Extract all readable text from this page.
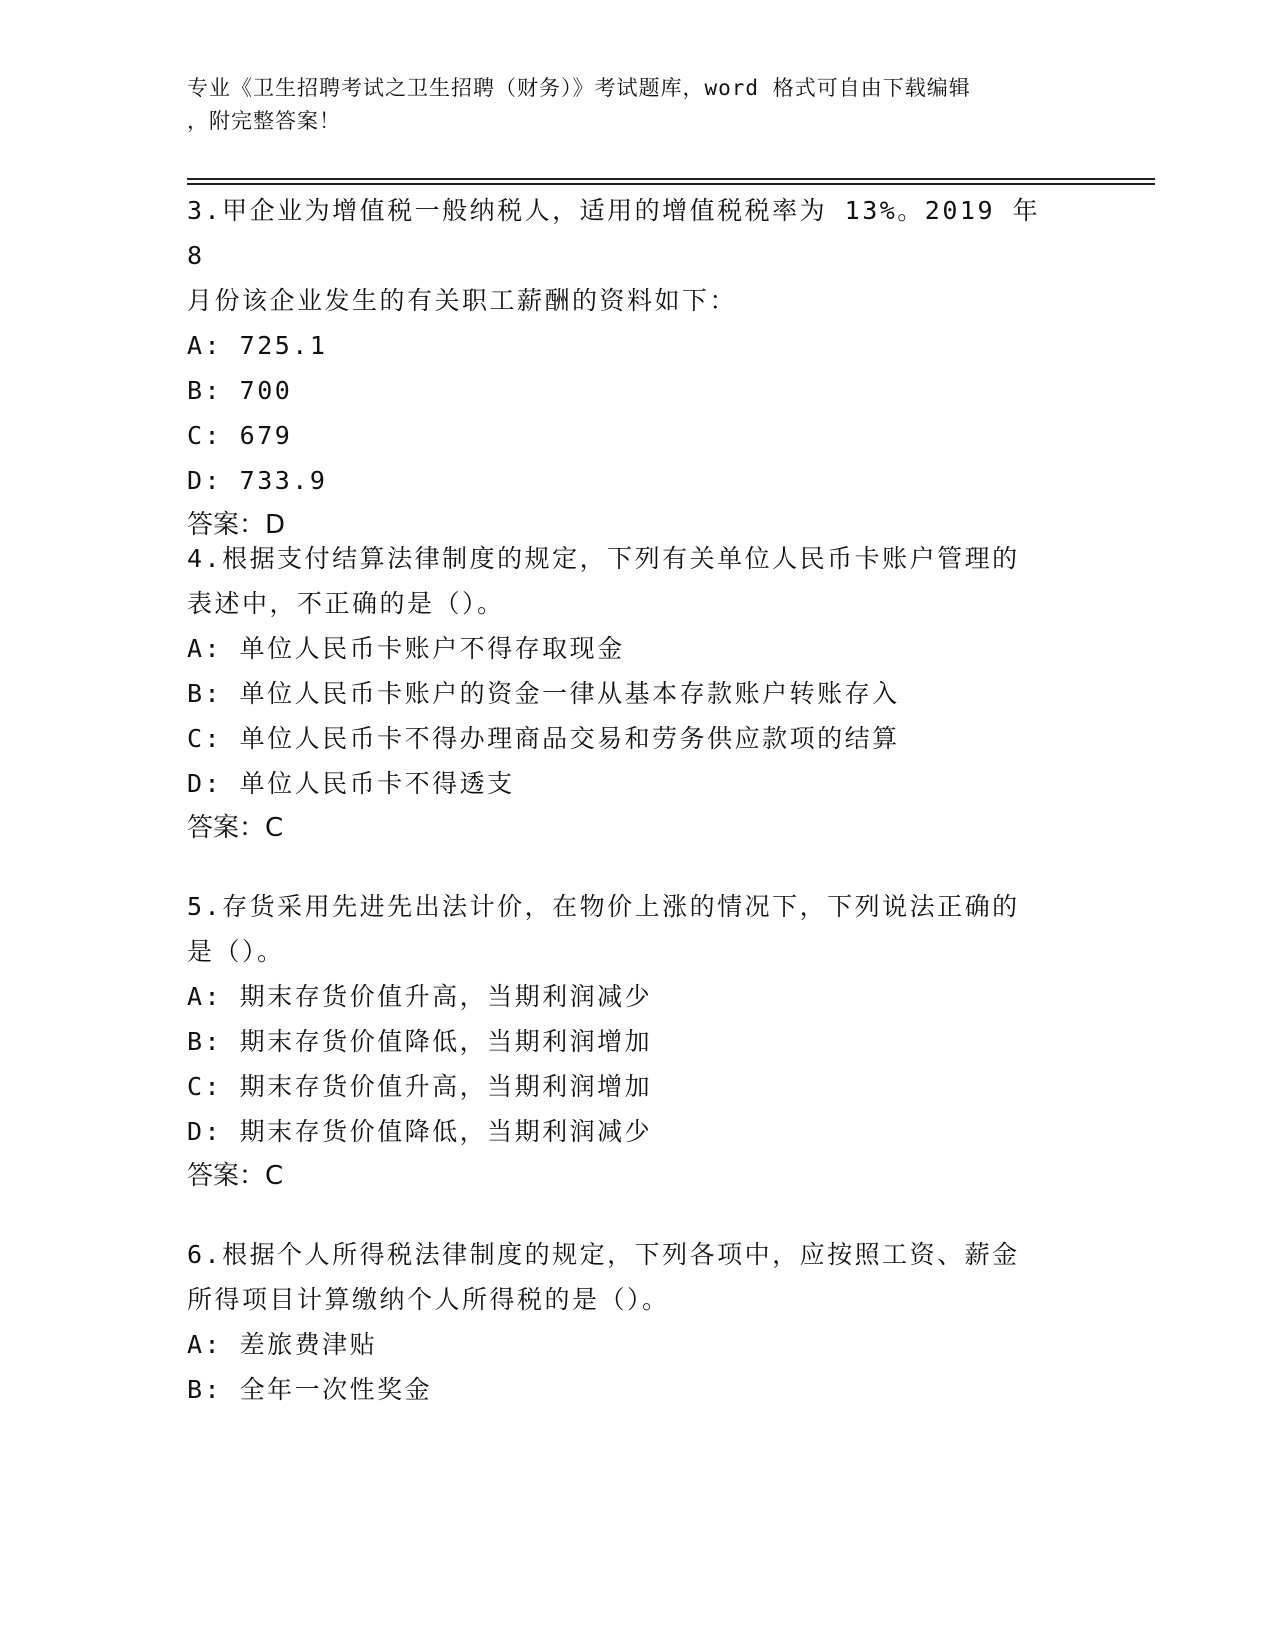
专业《卫生招聘考试之卫生招聘（财务）》考试题库，word 格式可自由下载编辑
，附完整答案！

3.甲企业为增值税一般纳税人，适用的增值税税率为 13%。2019 年 8

月份该企业发生的有关职工薪酬的资料如下：

A: 725.1

B: 700

C: 679

D: 733.9

答案：D

4.根据支付结算法律制度的规定，下列有关单位人民币卡账户管理的

表述中，不正确的是（）。

A: 单位人民币卡账户不得存取现金

B: 单位人民币卡账户的资金一律从基本存款账户转账存入

C: 单位人民币卡不得办理商品交易和劳务供应款项的结算

D: 单位人民币卡不得透支

答案：C

5.存货采用先进先出法计价，在物价上涨的情况下，下列说法正确的

是（）。

A: 期末存货价值升高，当期利润减少

B: 期末存货价值降低，当期利润增加

C: 期末存货价值升高，当期利润增加

D: 期末存货价值降低，当期利润减少

答案：C

6.根据个人所得税法律制度的规定，下列各项中，应按照工资、薪金

所得项目计算缴纳个人所得税的是（）。

A: 差旅费津贴

B: 全年一次性奖金
